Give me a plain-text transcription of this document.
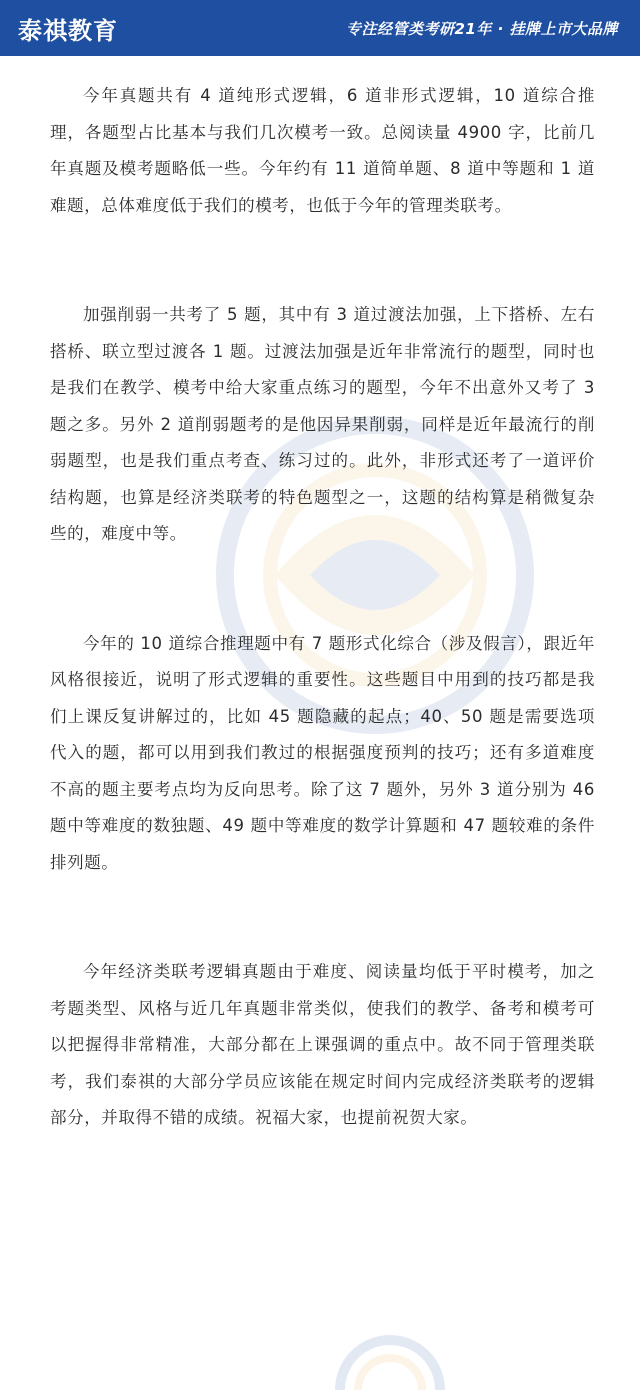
泰祺教育	专注经管类考研21年 · 挂牌上市大品牌

今年真题共有 4 道纯形式逻辑，6 道非形式逻辑，10 道综合推理，各题型占比基本与我们几次模考一致。总阅读量 4900 字，比前几年真题及模考题略低一些。今年约有 11 道简单题、8 道中等题和 1 道难题，总体难度低于我们的模考，也低于今年的管理类联考。

加强削弱一共考了 5 题，其中有 3 道过渡法加强，上下搭桥、左右搭桥、联立型过渡各 1 题。过渡法加强是近年非常流行的题型，同时也是我们在教学、模考中给大家重点练习的题型，今年不出意外又考了 3 题之多。另外 2 道削弱题考的是他因异果削弱，同样是近年最流行的削弱题型，也是我们重点考查、练习过的。此外，非形式还考了一道评价结构题，也算是经济类联考的特色题型之一，这题的结构算是稍微复杂些的，难度中等。

今年的 10 道综合推理题中有 7 题形式化综合（涉及假言），跟近年风格很接近，说明了形式逻辑的重要性。这些题目中用到的技巧都是我们上课反复讲解过的，比如 45 题隐藏的起点；40、50 题是需要选项代入的题，都可以用到我们教过的根据强度预判的技巧；还有多道难度不高的题主要考点均为反向思考。除了这 7 题外，另外 3 道分别为 46 题中等难度的数独题、49 题中等难度的数学计算题和 47 题较难的条件排列题。

今年经济类联考逻辑真题由于难度、阅读量均低于平时模考，加之考题类型、风格与近几年真题非常类似，使我们的教学、备考和模考可以把握得非常精准，大部分都在上课强调的重点中。故不同于管理类联考，我们泰祺的大部分学员应该能在规定时间内完成经济类联考的逻辑部分，并取得不错的成绩。祝福大家，也提前祝贺大家。
